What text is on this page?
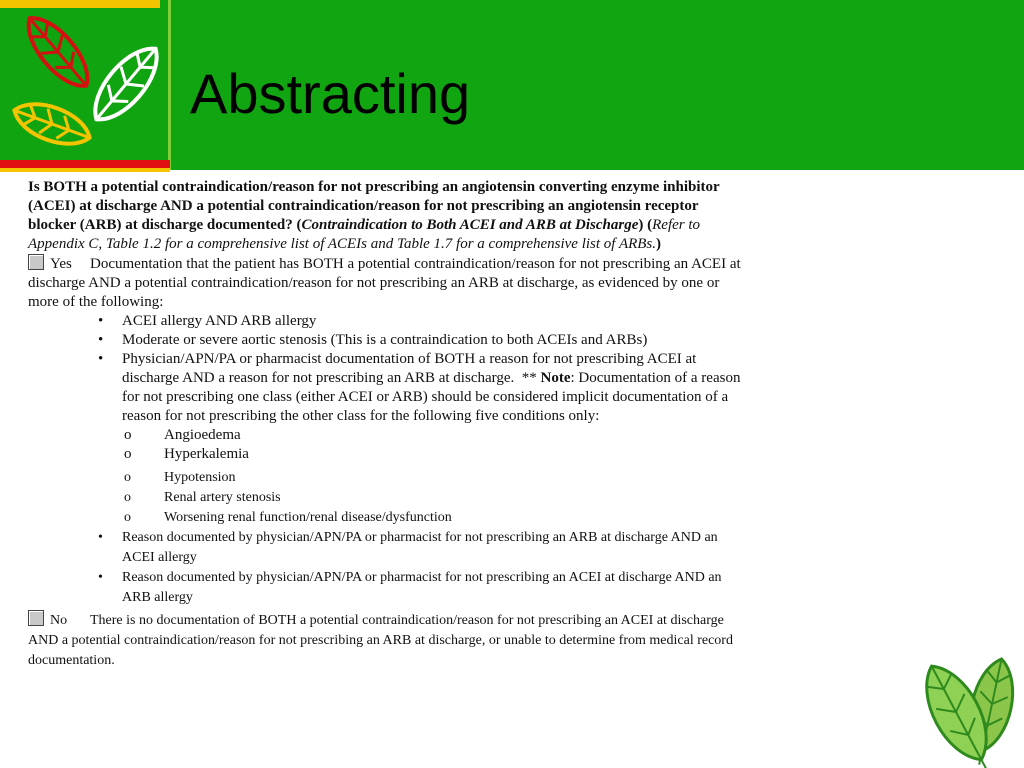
Abstracting

Is BOTH a potential contraindication/reason for not prescribing an angiotensin converting enzyme inhibitor (ACEI) at discharge AND a potential contraindication/reason for not prescribing an angiotensin receptor blocker (ARB) at discharge documented? (Contraindication to Both ACEI and ARB at Discharge) (Refer to Appendix C, Table 1.2 for a comprehensive list of ACEIs and Table 1.7 for a comprehensive list of ARBs.)

Yes Documentation that the patient has BOTH a potential contraindication/reason for not prescribing an ACEI at discharge AND a potential contraindication/reason for not prescribing an ARB at discharge, as evidenced by one or more of the following:
• ACEI allergy AND ARB allergy
• Moderate or severe aortic stenosis (This is a contraindication to both ACEIs and ARBs)
• Physician/APN/PA or pharmacist documentation of BOTH a reason for not prescribing ACEI at discharge AND a reason for not prescribing an ARB at discharge. ** Note: Documentation of a reason for not prescribing one class (either ACEI or ARB) should be considered implicit documentation of a reason for not prescribing the other class for the following five conditions only:
o Angioedema
o Hyperkalemia
o Hypotension
o Renal artery stenosis
o Worsening renal function/renal disease/dysfunction
• Reason documented by physician/APN/PA or pharmacist for not prescribing an ARB at discharge AND an ACEI allergy
• Reason documented by physician/APN/PA or pharmacist for not prescribing an ACEI at discharge AND an ARB allergy
No There is no documentation of BOTH a potential contraindication/reason for not prescribing an ACEI at discharge AND a potential contraindication/reason for not prescribing an ARB at discharge, or unable to determine from medical record documentation.
